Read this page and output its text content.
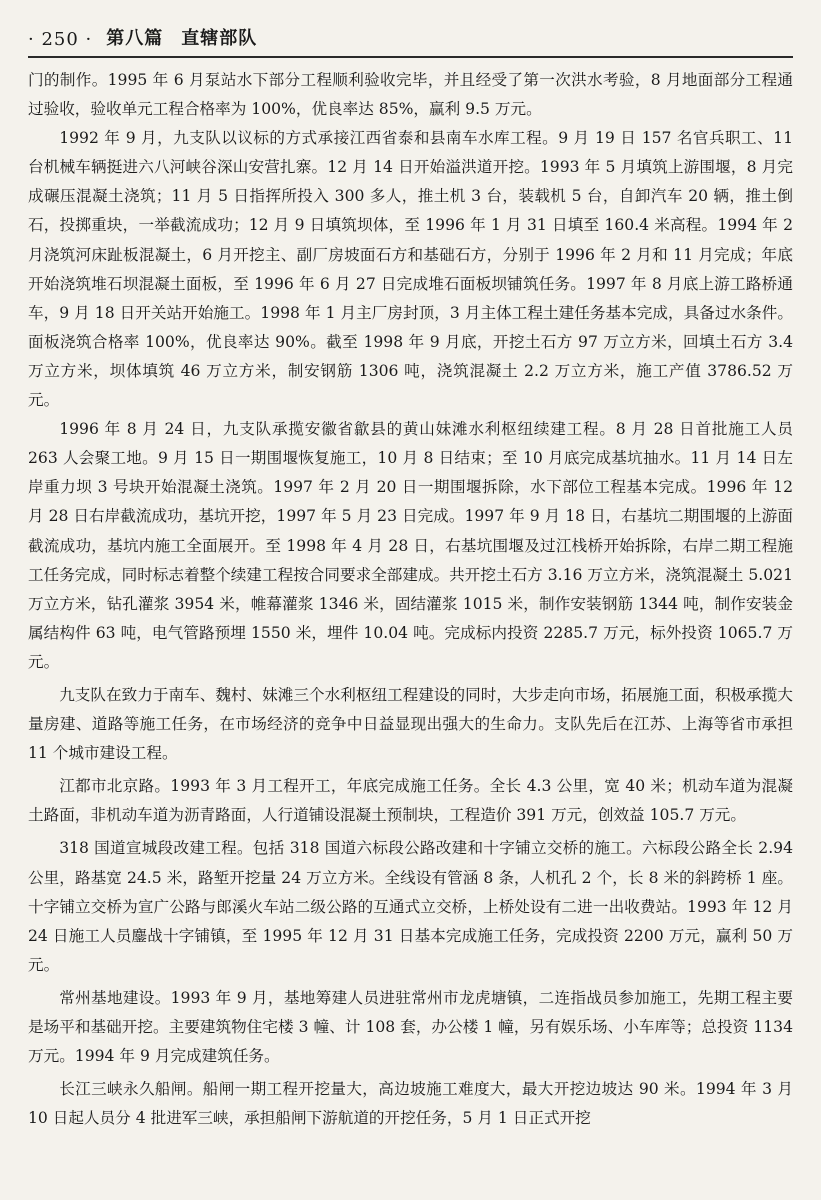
· 250 · 第八篇 直辖部队

门的制作。1995 年 6 月泵站水下部分工程顺利验收完毕，并且经受了第一次洪水考验，8 月地面部分工程通过验收，验收单元工程合格率为 100%，优良率达 85%，赢利 9.5 万元。

1992 年 9 月，九支队以议标的方式承接江西省泰和县南车水库工程。9 月 19 日 157 名官兵职工、11 台机械车辆挺进六八河峡谷深山安营扎寨。12 月 14 日开始溢洪道开挖。1993 年 5 月填筑上游围堰，8 月完成碾压混凝土浇筑；11 月 5 日指挥所投入 300 多人，推土机 3 台，装载机 5 台，自卸汽车 20 辆，推土倒石，投掷重块，一举截流成功；12 月 9 日填筑坝体，至 1996 年 1 月 31 日填至 160.4 米高程。1994 年 2 月浇筑河床趾板混凝土，6 月开挖主、副厂房坡面石方和基础石方，分别于 1996 年 2 月和 11 月完成；年底开始浇筑堆石坝混凝土面板，至 1996 年 6 月 27 日完成堆石面板坝铺筑任务。1997 年 8 月底上游工路桥通车，9 月 18 日开关站开始施工。1998 年 1 月主厂房封顶，3 月主体工程土建任务基本完成，具备过水条件。面板浇筑合格率 100%，优良率达 90%。截至 1998 年 9 月底，开挖土石方 97 万立方米，回填土石方 3.4 万立方米，坝体填筑 46 万立方米，制安钢筋 1306 吨，浇筑混凝土 2.2 万立方米，施工产值 3786.52 万元。

1996 年 8 月 24 日，九支队承揽安徽省歙县的黄山妹滩水利枢纽续建工程。8 月 28 日首批施工人员 263 人会聚工地。9 月 15 日一期围堰恢复施工，10 月 8 日结束；至 10 月底完成基坑抽水。11 月 14 日左岸重力坝 3 号块开始混凝土浇筑。1997 年 2 月 20 日一期围堰拆除，水下部位工程基本完成。1996 年 12 月 28 日右岸截流成功，基坑开挖，1997 年 5 月 23 日完成。1997 年 9 月 18 日，右基坑二期围堰的上游面截流成功，基坑内施工全面展开。至 1998 年 4 月 28 日，右基坑围堰及过江栈桥开始拆除，右岸二期工程施工任务完成，同时标志着整个续建工程按合同要求全部建成。共开挖土石方 3.16 万立方米，浇筑混凝土 5.021 万立方米，钻孔灌浆 3954 米，帷幕灌浆 1346 米，固结灌浆 1015 米，制作安装钢筋 1344 吨，制作安装金属结构件 63 吨，电气管路预埋 1550 米，埋件 10.04 吨。完成标内投资 2285.7 万元，标外投资 1065.7 万元。

九支队在致力于南车、魏村、妹滩三个水利枢纽工程建设的同时，大步走向市场，拓展施工面，积极承揽大量房建、道路等施工任务，在市场经济的竞争中日益显现出强大的生命力。支队先后在江苏、上海等省市承担 11 个城市建设工程。

江都市北京路。1993 年 3 月工程开工，年底完成施工任务。全长 4.3 公里，宽 40 米；机动车道为混凝土路面，非机动车道为沥青路面，人行道铺设混凝土预制块，工程造价 391 万元，创效益 105.7 万元。

318 国道宣城段改建工程。包括 318 国道六标段公路改建和十字铺立交桥的施工。六标段公路全长 2.94 公里，路基宽 24.5 米，路堑开挖量 24 万立方米。全线设有管涵 8 条，人机孔 2 个，长 8 米的斜跨桥 1 座。十字铺立交桥为宣广公路与郎溪火车站二级公路的互通式立交桥，上桥处设有二进一出收费站。1993 年 12 月 24 日施工人员鏖战十字铺镇，至 1995 年 12 月 31 日基本完成施工任务，完成投资 2200 万元，赢利 50 万元。

常州基地建设。1993 年 9 月，基地筹建人员进驻常州市龙虎塘镇，二连指战员参加施工，先期工程主要是场平和基础开挖。主要建筑物住宅楼 3 幢、计 108 套，办公楼 1 幢，另有娱乐场、小车库等；总投资 1134 万元。1994 年 9 月完成建筑任务。

长江三峡永久船闸。船闸一期工程开挖量大，高边坡施工难度大，最大开挖边坡达 90 米。1994 年 3 月 10 日起人员分 4 批进军三峡，承担船闸下游航道的开挖任务，5 月 1 日正式开挖
